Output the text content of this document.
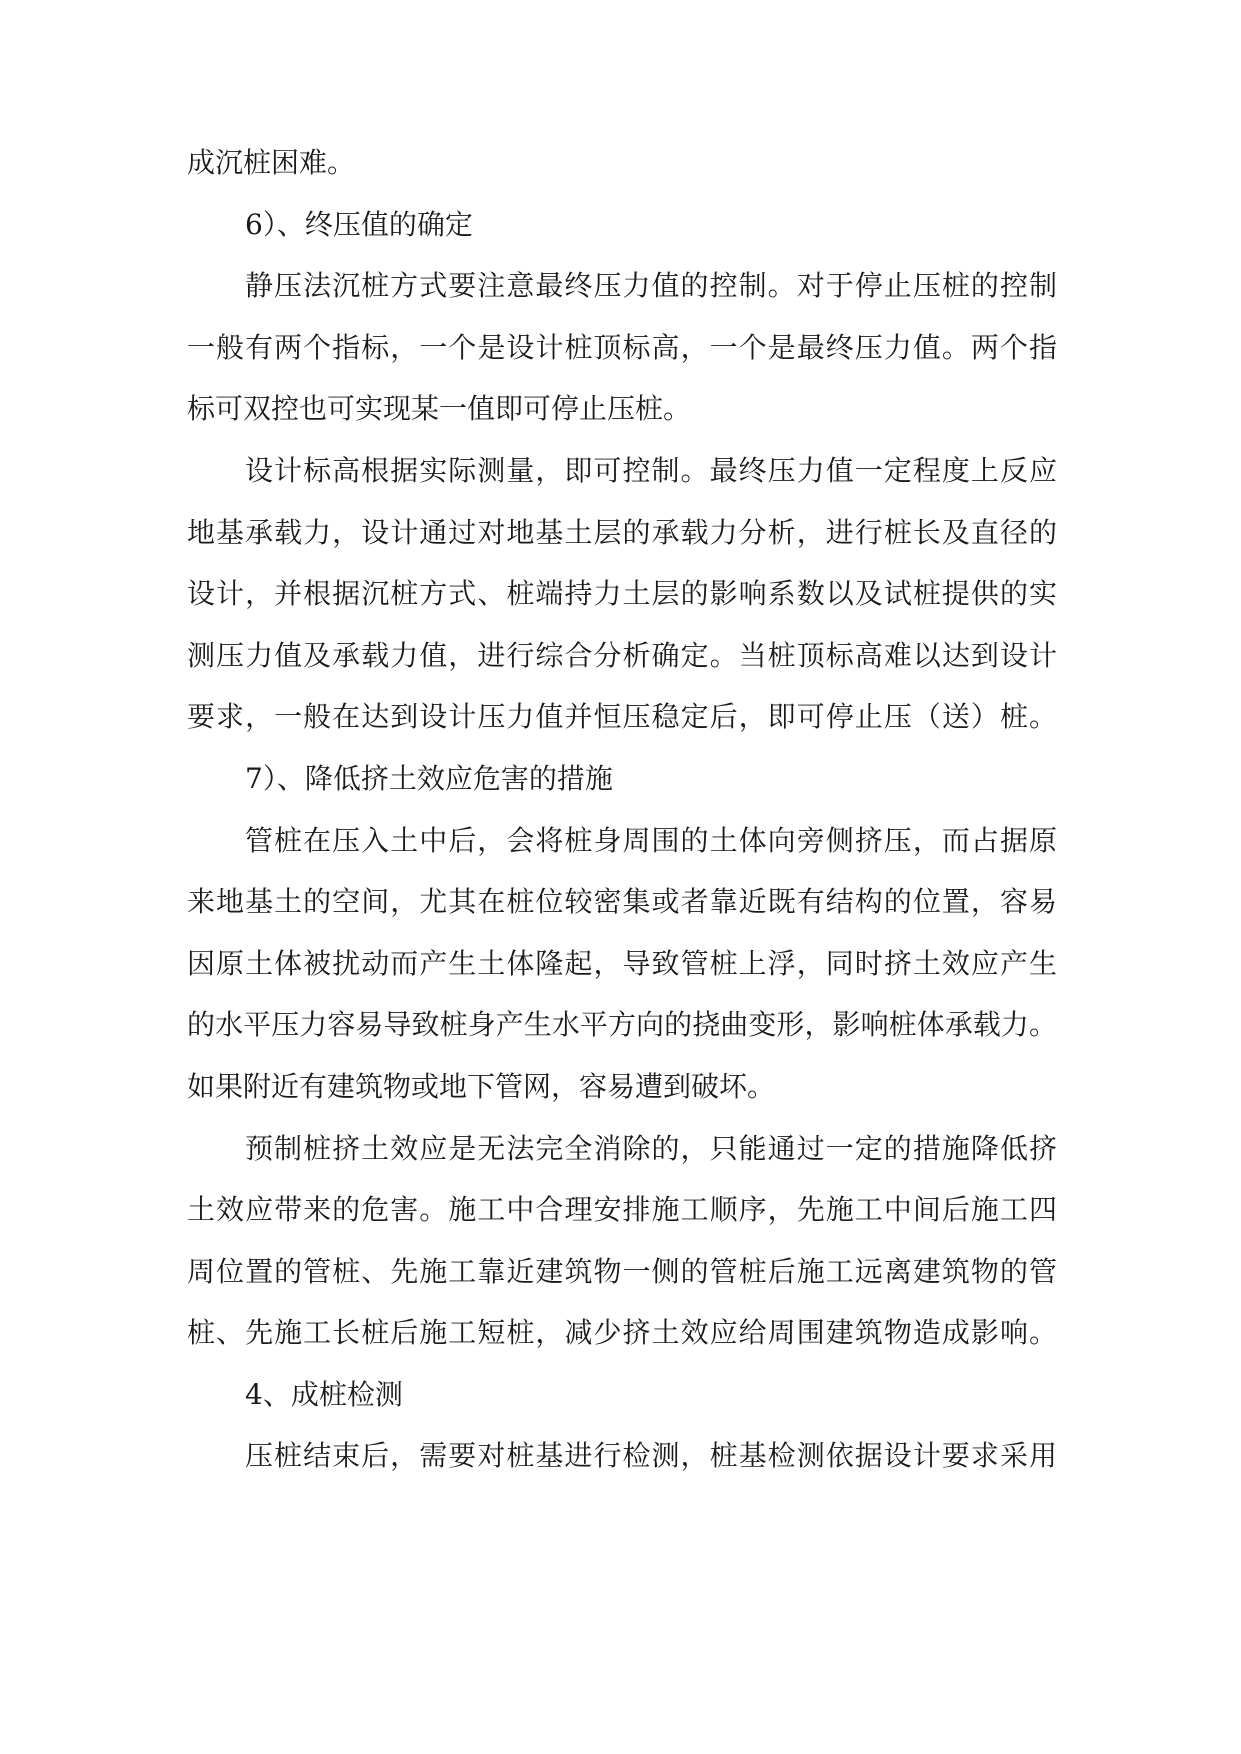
成沉桩困难。
6）、终压值的确定
静压法沉桩方式要注意最终压力值的控制。对于停止压桩的控制
一般有两个指标，一个是设计桩顶标高，一个是最终压力值。两个指
标可双控也可实现某一值即可停止压桩。
设计标高根据实际测量，即可控制。最终压力值一定程度上反应
地基承载力，设计通过对地基土层的承载力分析，进行桩长及直径的
设计，并根据沉桩方式、桩端持力土层的影响系数以及试桩提供的实
测压力值及承载力值，进行综合分析确定。当桩顶标高难以达到设计
要求，一般在达到设计压力值并恒压稳定后，即可停止压（送）桩。
7）、降低挤土效应危害的措施
管桩在压入土中后，会将桩身周围的土体向旁侧挤压，而占据原
来地基土的空间，尤其在桩位较密集或者靠近既有结构的位置，容易
因原土体被扰动而产生土体隆起，导致管桩上浮，同时挤土效应产生
的水平压力容易导致桩身产生水平方向的挠曲变形，影响桩体承载力。
如果附近有建筑物或地下管网，容易遭到破坏。
预制桩挤土效应是无法完全消除的，只能通过一定的措施降低挤
土效应带来的危害。施工中合理安排施工顺序，先施工中间后施工四
周位置的管桩、先施工靠近建筑物一侧的管桩后施工远离建筑物的管
桩、先施工长桩后施工短桩，减少挤土效应给周围建筑物造成影响。
4、成桩检测
压桩结束后，需要对桩基进行检测，桩基检测依据设计要求采用
